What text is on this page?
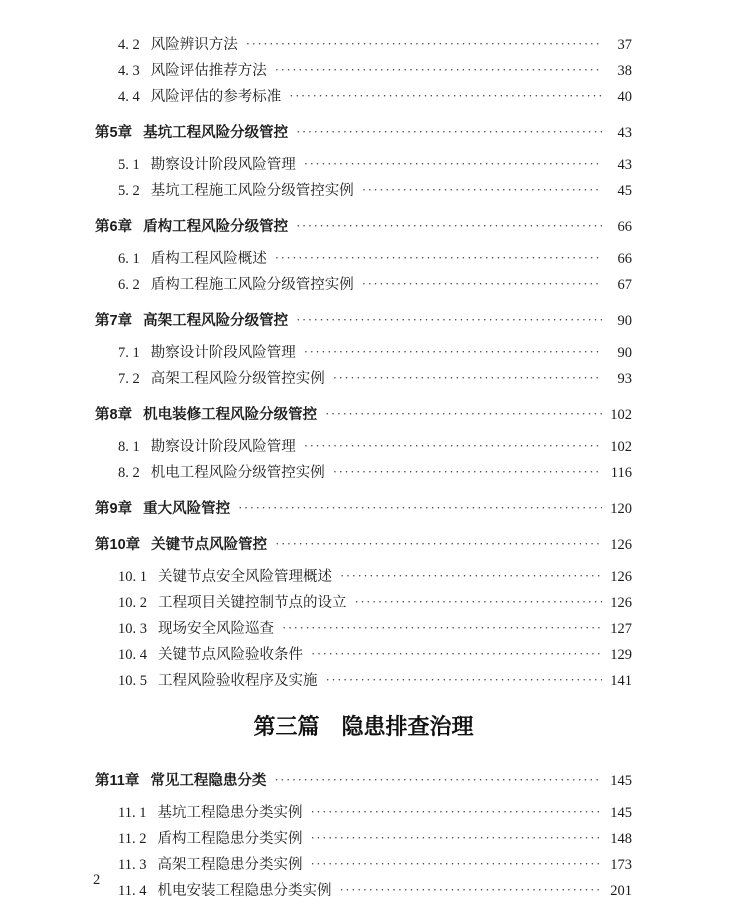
4. 2 风险辨识方法 ·····	37
4. 3 风险评估推荐方法 ·····	38
4. 4 风险评估的参考标准 ·····	40
第5章 基坑工程风险分级管控 ·····	43
5. 1 勘察设计阶段风险管理 ·····	43
5. 2 基坑工程施工风险分级管控实例 ·····	45
第6章 盾构工程风险分级管控 ·····	66
6. 1 盾构工程风险概述 ·····	66
6. 2 盾构工程施工风险分级管控实例 ·····	67
第7章 高架工程风险分级管控 ·····	90
7. 1 勘察设计阶段风险管理 ·····	90
7. 2 高架工程风险分级管控实例 ·····	93
第8章 机电装修工程风险分级管控 ·····	102
8. 1 勘察设计阶段风险管理 ·····	102
8. 2 机电工程风险分级管控实例 ·····	116
第9章 重大风险管控 ·····	120
第10章 关键节点风险管控 ·····	126
10. 1 关键节点安全风险管理概述 ·····	126
10. 2 工程项目关键控制节点的设立 ·····	126
10. 3 现场安全风险巡查 ·····	127
10. 4 关键节点风险验收条件 ·····	129
10. 5 工程风险验收程序及实施 ·····	141
第三篇　隐患排查治理
第11章 常见工程隐患分类 ·····	145
11. 1 基坑工程隐患分类实例 ·····	145
11. 2 盾构工程隐患分类实例 ·····	148
11. 3 高架工程隐患分类实例 ·····	173
11. 4 机电安装工程隐患分类实例 ·····	201
2
